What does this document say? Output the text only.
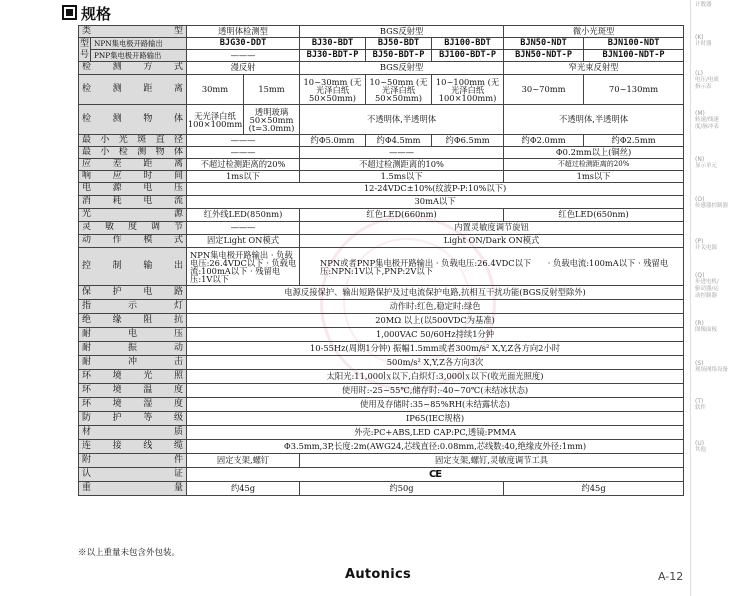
规格
类　　　型		透明体检测型		BGS反射型			微小光斑型	
型
号	NPN集电极开路输出	BJG30-DDT		BJ30-BDT	BJ50-BDT	BJ100-BDT	BJN50-NDT	BJN100-NDT
	PNP集电极开路输出	———		BJ30-BDT-P	BJ50-BDT-P	BJ100-BDT-P	BJN50-NDT-P	BJN100-NDT-P
检 测 方 式		漫反射		BGS反射型			窄光束反射型	
检 测 距 离		30mm	15mm	10~30mm (无光泽白纸 50×50mm)	10~50mm (无光泽白纸 50×50mm)	10~100mm (无光泽白纸 100×100mm)	30~70mm	70~130mm
检 测 物 体		无光泽白纸 100×100mm	透明玻璃 50×50mm (t=3.0mm)	不透明体,半透明体			不透明体,半透明体	
最 小 光 斑 直 径		———		约Φ5.0mm	约Φ4.5mm	约Φ6.5mm	约Φ2.0mm	约Φ2.5mm
最 小 检 测 物 体		———		———			Φ0.2mm以上(铜丝)	
应 差 距 离		不超过检测距离的20%		不超过检测距离的10%			不超过检测距离的20%	
响 应 时 间		1ms以下		1.5ms以下			1ms以下	
电 源 电 压		12-24VDC±10%(纹波P-P:10%以下)						
消 耗 电 流		30mA以下						
光 　 源		红外线LED(850nm)		红色LED(660nm)			红色LED(650nm)	
灵 敏 度 调 节		———		内置灵敏度调节旋钮				
动 作 模 式		固定Light ON模式		Light ON/Dark ON模式				
控 制 输 出		NPN集电极开路输出 · 负载电压:26.4VDC以下 · 负载电流:100mA以下 · 残留电压:1V以下		NPN或者PNP集电极开路输出 · 负载电压:26.4VDC以下　　· 负载电流:100mA以下 · 残留电压:NPN:1V以下,PNP:2V以下				
保 护 电 路		电源反接保护、输出短路保护及过电流保护电路,抗相互干扰功能(BGS反射型除外)						
指 示 灯		动作时:红色,稳定时:绿色						
绝 缘 阻 抗		20MΩ 以上(以500VDC为基准)						
耐 电 压		1,000VAC 50/60Hz持续1分钟						
耐 振 动		10-55Hz(周期1分钟) 振幅1.5mm或者300m/s² X,Y,Z各方向2小时						
耐 冲 击		500m/s² X,Y,Z各方向3次						
环 境 光 照		太阳光:11,000㏓以下,白炽灯:3,000㏓以下(收光面光照度)						
环 境 温 度		使用时:-25~55℃,储存时:-40~70℃(未结冰状态)						
环 境 湿 度		使用及存储时:35~85%RH(未结露状态)						
防 护 等 级		IP65(IEC规格)						
材 　 质		外壳:PC+ABS,LED CAP:PC,透镜:PMMA						
连 接 线 缆		Φ3.5mm,3P,长度:2m(AWG24,芯线直径:0.08mm,芯线数:40,绝缘皮外径:1mm)						
附 　 件		固定支架,螺钉		固定支架,螺钉,灵敏度调节工具				
认 　 证		CE						
重 　 量		约45g		约50g			约45g	
※以上重量未包含外包装。
Autonics	A-12
计数器
(K)
计时器
(L)
电压/电流
指示表
(M)
转速/线速
度/脉冲表
(N)
显示单元
(O)
传感器控制器
(P)
开关电源
(Q)
步进电机/
驱动器/运
动控制器
(R)
图像面板
(S)
现场网络设备
(T)
软件
(U)
其他
